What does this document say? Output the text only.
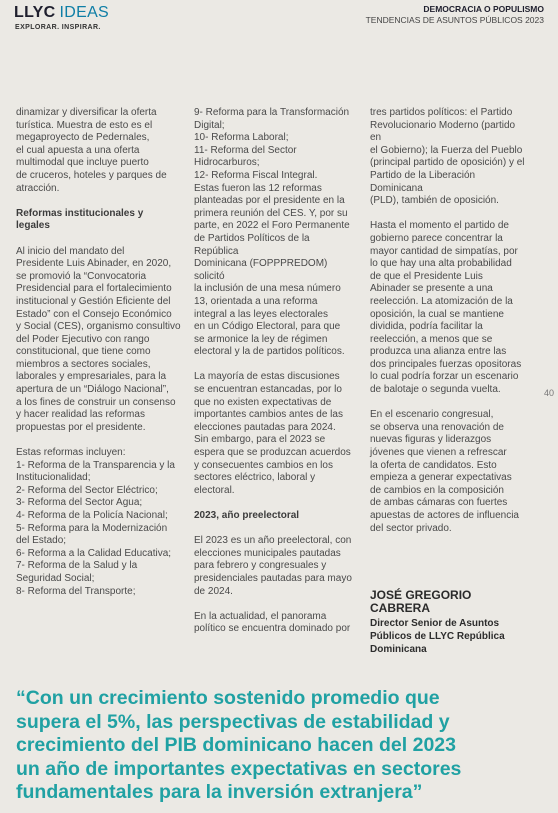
LLYC IDEAS
EXPLORAR. INSPIRAR.
DEMOCRACIA O POPULISMO
TENDENCIAS DE ASUNTOS PÚBLICOS 2023

dinamizar y diversificar la oferta
turística. Muestra de esto es el
megaproyecto de Pedernales,
el cual apuesta a una oferta
multimodal que incluye puerto
de cruceros, hoteles y parques de
atracción.

Reformas institucionales y
legales

Al inicio del mandato del
Presidente Luis Abinader, en 2020,
se promovió la “Convocatoria
Presidencial para el fortalecimiento
institucional y Gestión Eficiente del
Estado” con el Consejo Económico
y Social (CES), organismo consultivo
del Poder Ejecutivo con rango
constitucional, que tiene como
miembros a sectores sociales,
laborales y empresariales, para la
apertura de un “Diálogo Nacional”,
a los fines de construir un consenso
y hacer realidad las reformas
propuestas por el presidente.

Estas reformas incluyen:
1- Reforma de la Transparencia y la
Institucionalidad;
2- Reforma del Sector Eléctrico;
3- Reforma del Sector Agua;
4- Reforma de la Policía Nacional;
5- Reforma para la Modernización
del Estado;
6- Reforma a la Calidad Educativa;
7- Reforma de la Salud y la
Seguridad Social;
8- Reforma del Transporte;

9- Reforma para la Transformación
Digital;
10- Reforma Laboral;
11- Reforma del Sector
Hidrocarburos;
12- Reforma Fiscal Integral.
Estas fueron las 12 reformas
planteadas por el presidente en la
primera reunión del CES. Y, por su
parte, en 2022 el Foro Permanente
de Partidos Políticos de la República
Dominicana (FOPPPREDOM) solicitó
la inclusión de una mesa número
13, orientada a una reforma
integral a las leyes electorales
en un Código Electoral, para que
se armonice la ley de régimen
electoral y la de partidos políticos.

La mayoría de estas discusiones
se encuentran estancadas, por lo
que no existen expectativas de
importantes cambios antes de las
elecciones pautadas para 2024.
Sin embargo, para el 2023 se
espera que se produzcan acuerdos
y consecuentes cambios en los
sectores eléctrico, laboral y electoral.

2023, año preelectoral

El 2023 es un año preelectoral, con
elecciones municipales pautadas
para febrero y congresuales y
presidenciales pautadas para mayo
de 2024.

En la actualidad, el panorama
político se encuentra dominado por

tres partidos políticos: el Partido
Revolucionario Moderno (partido en
el Gobierno); la Fuerza del Pueblo
(principal partido de oposición) y el
Partido de la Liberación Dominicana
(PLD), también de oposición.

Hasta el momento el partido de
gobierno parece concentrar la
mayor cantidad de simpatías, por
lo que hay una alta probabilidad
de que el Presidente Luis
Abinader se presente a una
reelección. La atomización de la
oposición, la cual se mantiene
dividida, podría facilitar la
reelección, a menos que se
produzca una alianza entre las
dos principales fuerzas opositoras
lo cual podría forzar un escenario
de balotaje o segunda vuelta.

En el escenario congresual,
se observa una renovación de
nuevas figuras y liderazgos
jóvenes que vienen a refrescar
la oferta de candidatos. Esto
empieza a generar expectativas
de cambios en la composición
de ambas cámaras con fuertes
apuestas de actores de influencia
del sector privado.

40
JOSÉ GREGORIO
CABRERA
Director Senior de Asuntos
Públicos de LLYC República
Dominicana
“Con un crecimiento sostenido promedio que
supera el 5%, las perspectivas de estabilidad y
crecimiento del PIB dominicano hacen del 2023
un año de importantes expectativas en sectores
fundamentales para la inversión extranjera”
